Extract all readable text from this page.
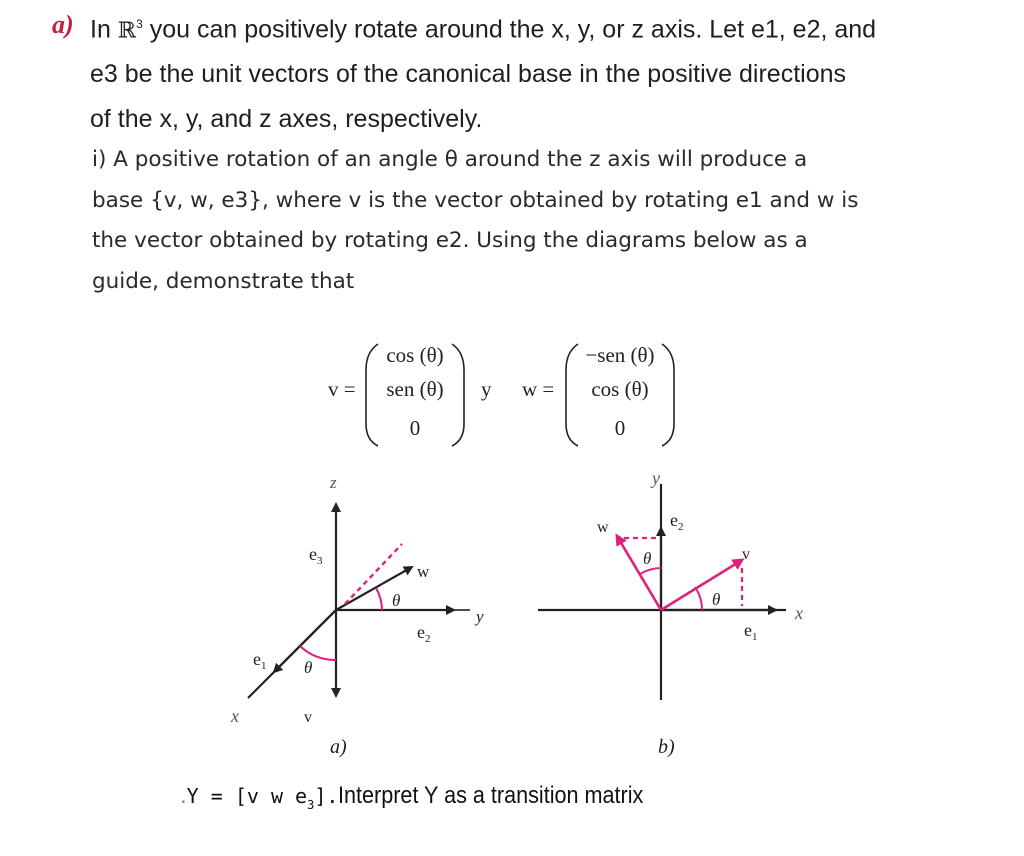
a) In ℝ$^3$ you can positively rotate around the x, y, or z axis. Let e1, e2, and
e3 be the unit vectors of the canonical base in the positive directions
of the x, y, and z axes, respectively.
i) A positive rotation of an angle θ around the z axis will produce a
base {v, w, e3}, where v is the vector obtained by rotating e1 and w is
the vector obtained by rotating e2. Using the diagrams below as a
guide, demonstrate that
v =
cos (θ)
sen (θ)
0
y w =
−sen (θ)
cos (θ)
0
z
$e_3$
w
θ
y
$e_2$
$e_1$ θ
x	v
a)
y
$e_2$
w
θ	v
θ
x
$e_1$
b)
.Y = [v w $e_3].Interpret$ Y as a transition matrix
